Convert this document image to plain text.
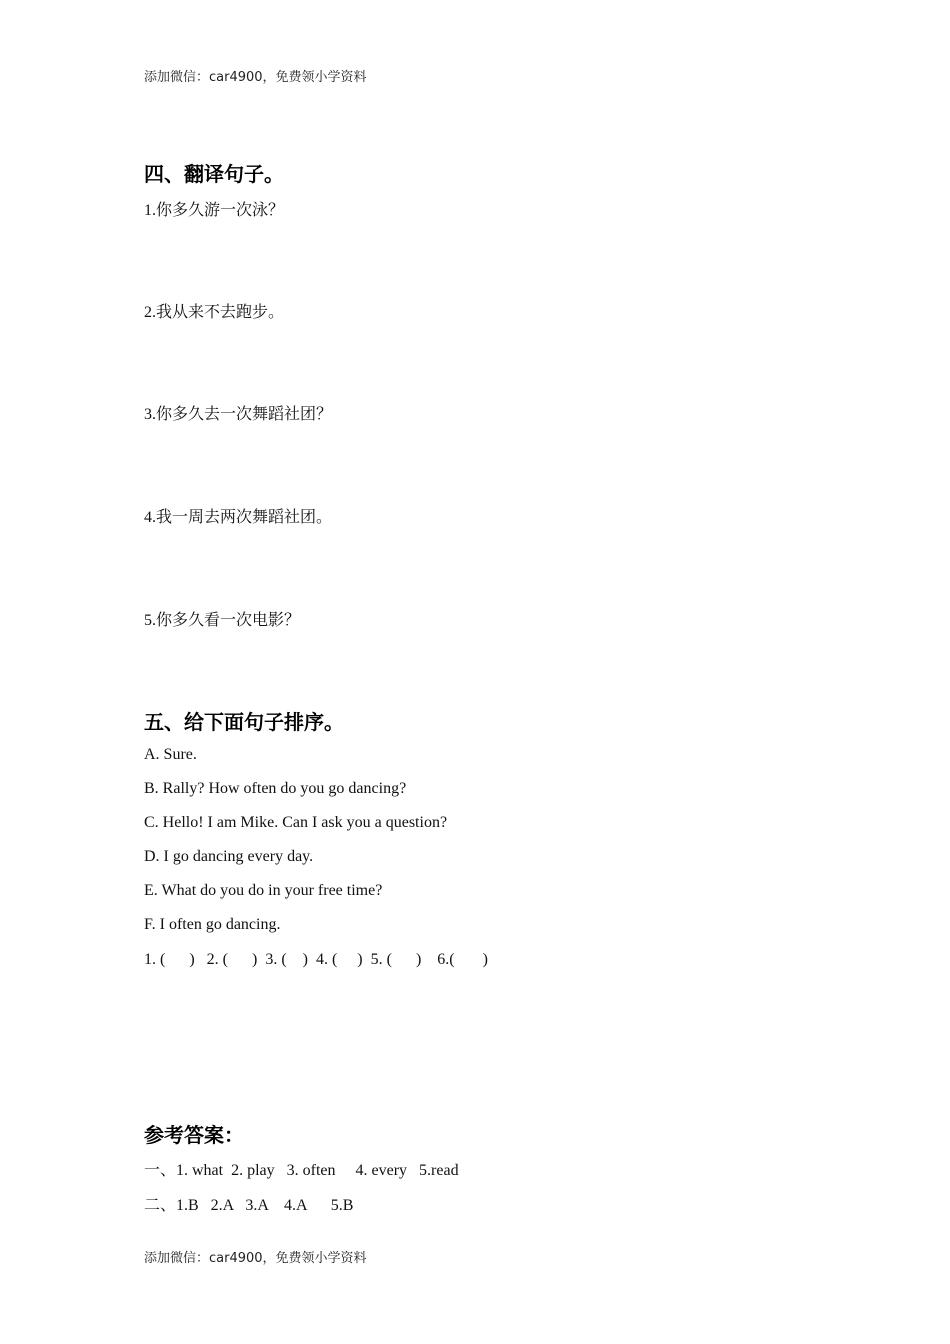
添加微信：car4900，免费领小学资料
四、翻译句子。
1.你多久游一次泳？
2.我从来不去跑步。
3.你多久去一次舞蹈社团？
4.我一周去两次舞蹈社团。
5.你多久看一次电影？
五、给下面句子排序。
A. Sure.
B. Rally? How often do you go dancing?
C. Hello! I am Mike. Can I ask you a question?
D. I go dancing every day.
E. What do you do in your free time?
F. I often go dancing.
1. (      )   2. (      )  3. (    )  4. (     )  5. (      )    6.(       )
参考答案：
一、1. what  2. play   3. often     4. every   5.read
二、1.B   2.A   3.A    4.A      5.B
添加微信：car4900，免费领小学资料
